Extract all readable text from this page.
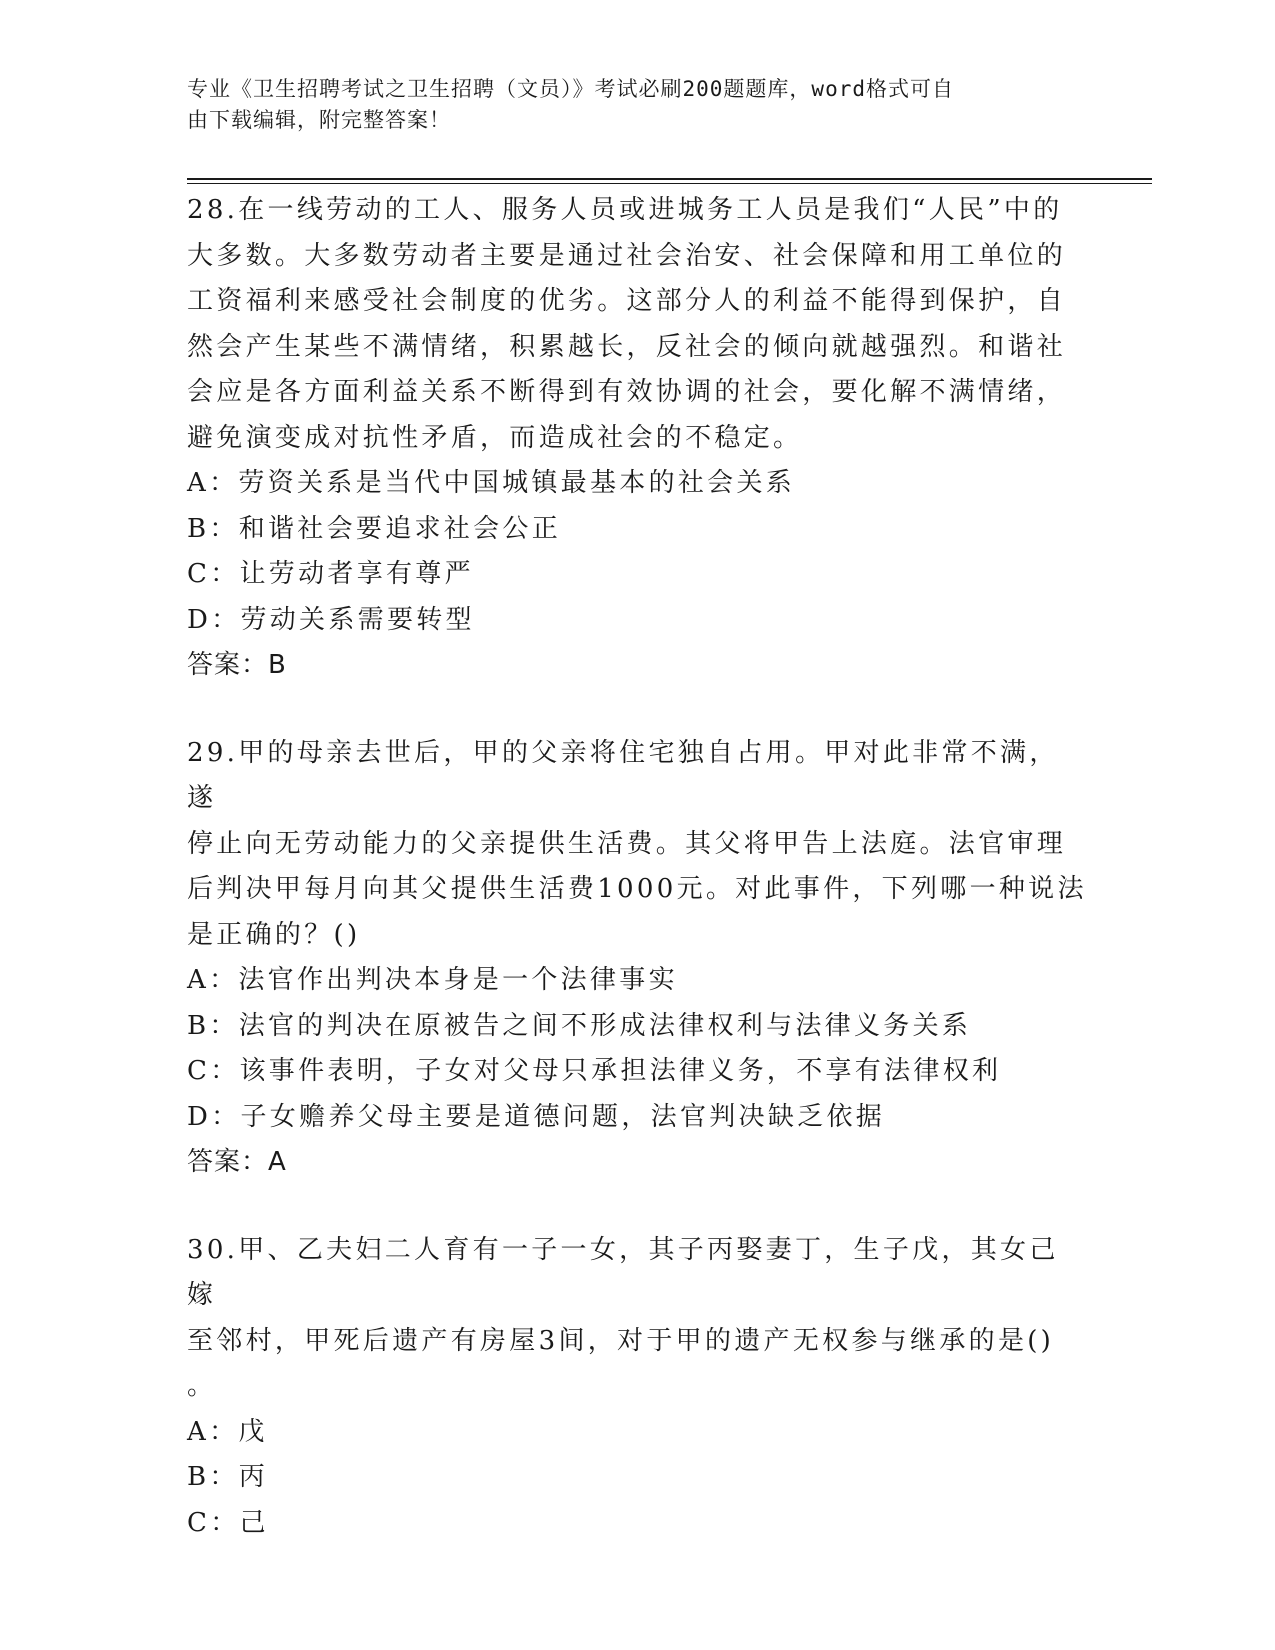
专业《卫生招聘考试之卫生招聘（文员）》考试必刷200题题库，word格式可自
由下载编辑，附完整答案！

28.在一线劳动的工人、服务人员或进城务工人员是我们“人民”中的

大多数。大多数劳动者主要是通过社会治安、社会保障和用工单位的

工资福利来感受社会制度的优劣。这部分人的利益不能得到保护，自

然会产生某些不满情绪，积累越长，反社会的倾向就越强烈。和谐社

会应是各方面利益关系不断得到有效协调的社会，要化解不满情绪，

避免演变成对抗性矛盾，而造成社会的不稳定。

A：劳资关系是当代中国城镇最基本的社会关系

B：和谐社会要追求社会公正

C：让劳动者享有尊严

D：劳动关系需要转型

答案：B

29.甲的母亲去世后，甲的父亲将住宅独自占用。甲对此非常不满，遂

停止向无劳动能力的父亲提供生活费。其父将甲告上法庭。法官审理

后判决甲每月向其父提供生活费1000元。对此事件，下列哪一种说法

是正确的？()

A：法官作出判决本身是一个法律事实

B：法官的判决在原被告之间不形成法律权利与法律义务关系

C：该事件表明，子女对父母只承担法律义务，不享有法律权利

D：子女赡养父母主要是道德问题，法官判决缺乏依据

答案：A

30.甲、乙夫妇二人育有一子一女，其子丙娶妻丁，生子戊，其女己嫁

至邻村，甲死后遗产有房屋3间，对于甲的遗产无权参与继承的是()

。

A：戊

B：丙

C：己
